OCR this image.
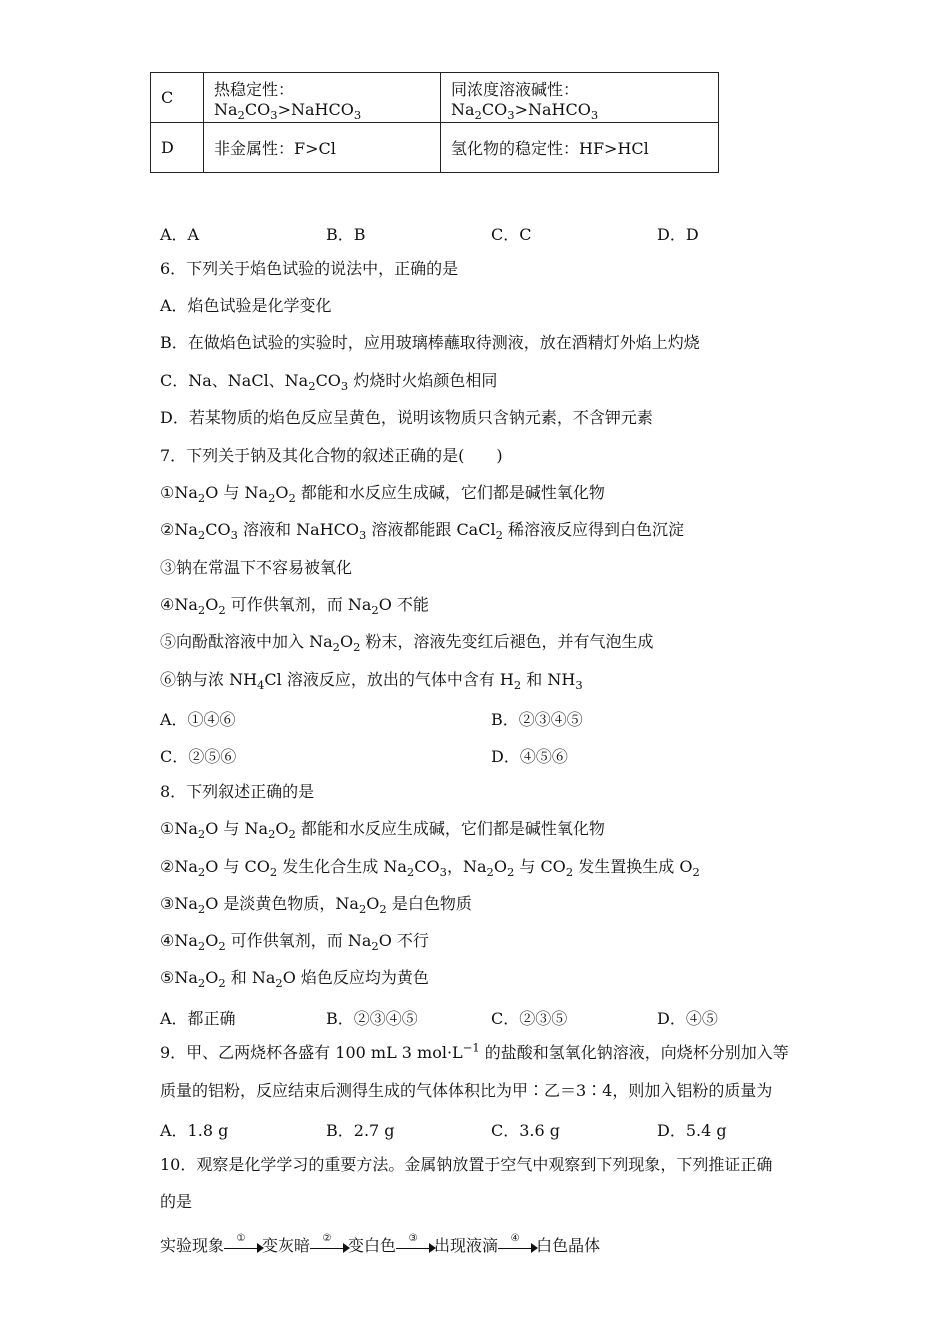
C	热稳定性：$Na_2CO_3>NaHCO_3$	同浓度溶液碱性：$Na_2CO_3>NaHCO_3$
D	非金属性：F>Cl	氢化物的稳定性：HF>HCl
A．A	B．B	C．C	D．D
6．下列关于焰色试验的说法中，正确的是
A．焰色试验是化学变化
B．在做焰色试验的实验时，应用玻璃棒蘸取待测液，放在酒精灯外焰上灼烧
C．Na、NaCl、$Na_2CO_3$ 灼烧时火焰颜色相同
D．若某物质的焰色反应呈黄色，说明该物质只含钠元素，不含钾元素
7．下列关于钠及其化合物的叙述正确的是(　　)
$①Na_2O$ 与 $Na_2O_2$ 都能和水反应生成碱，它们都是碱性氧化物
$②Na_2CO_3$ 溶液和 NaHCO$_3$ 溶液都能跟 CaCl$_2$ 稀溶液反应得到白色沉淀
③钠在常温下不容易被氧化
$④Na_2O_2$ 可作供氧剂，而 $Na_2O$ 不能
⑤向酚酞溶液中加入 $Na_2O_2$ 粉末，溶液先变红后褪色，并有气泡生成
⑥钠与浓 $NH_4Cl$ 溶液反应，放出的气体中含有 $H_2$ 和 $NH_3$
A．①④⑥	B．②③④⑤
C．②⑤⑥	D．④⑤⑥
8．下列叙述正确的是
$①Na_2O$ 与 $Na_2O_2$ 都能和水反应生成碱，它们都是碱性氧化物
$②Na_2O$ 与 $CO_2$ 发生化合生成 $Na_2CO_3$，$Na_2O_2$ 与 $CO_2$ 发生置换生成 $O_2$
$③Na_2O$ 是淡黄色物质，$Na_2O_2$ 是白色物质
$④Na_2O_2$ 可作供氧剂，而 $Na_2O$ 不行
$⑤Na_2O_2$ 和 $Na_2O$ 焰色反应均为黄色
A．都正确	B．②③④⑤	C．②③⑤	D．④⑤
9．甲、乙两烧杯各盛有 100 mL 3 $mol\cdot L^{-1}$ 的盐酸和氢氧化钠溶液，向烧杯分别加入等
质量的铝粉，反应结束后测得生成的气体体积比为甲∶乙＝3∶4，则加入铝粉的质量为
A．1.8 g	B．2.7 g	C．3.6 g	D．5.4 g
10．观察是化学学习的重要方法。金属钠放置于空气中观察到下列现象，下列推证正确
的是
实验现象	①	变灰暗	②	变白色	③	出现液滴	④	白色晶体
